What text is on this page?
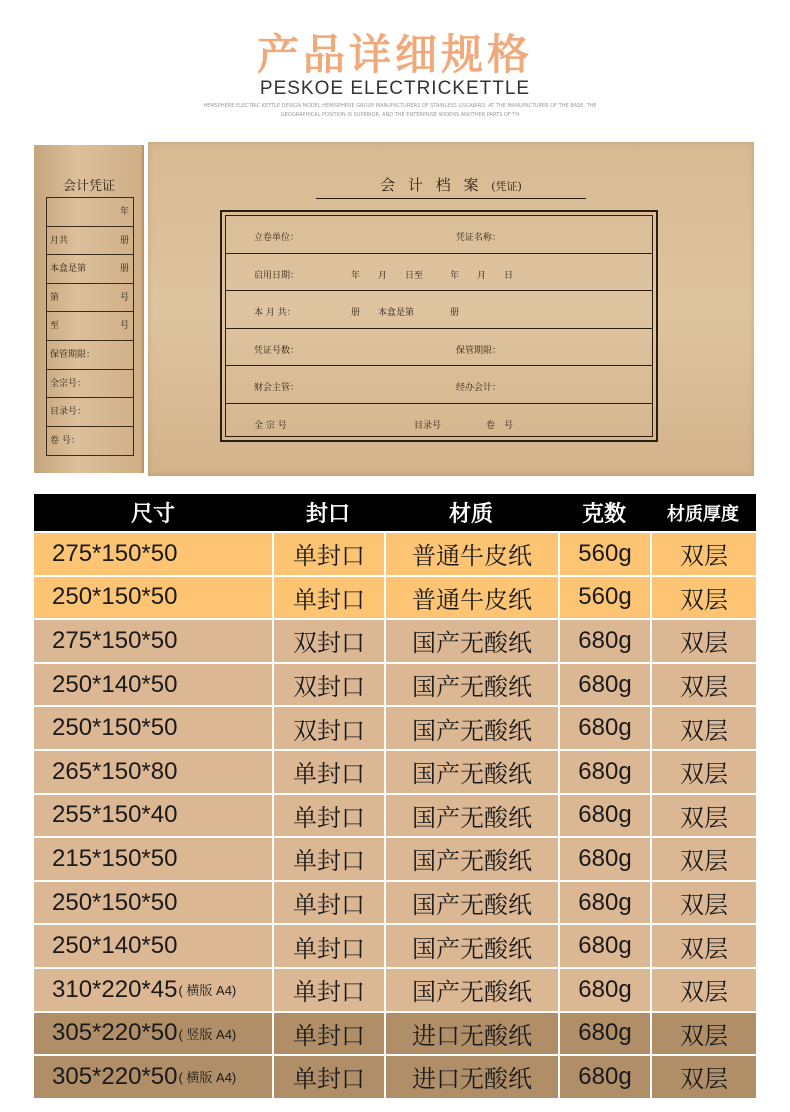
产品详细规格
PESKOE ELECTRICKETTLE
HEMSPHERE ELECTRIC KETTLE DESIGN MODEL HEMISPHERE GROUP MANUFACTURERS OF STAINLESS LISCABIRD, AT THE MANUFACTURER OF THE BASE, THE GEOGRAPHICAL POSITION IS SUPERIOR, AND THE ENTERPRISE WIDENS ANOTHER PARTS OF TH
会计凭证
年
月共	册
本盒是第	册
第	号
至	号
保管期限：
全宗号：
目录号：
卷 号：
会 计 档 案 (凭证)
立卷单位：	凭证名称：
启用日期：	年　　月　　日至　　　年　　月　　日
本 月 共：	册　　本盒是第　　　　册
凭证号数：	保管期限：
财会主管：	经办会计：
全 宗 号	目录号　　　　　卷　号
尺寸	封口	材质	克数	材质厚度
275*150*50	单封口	普通牛皮纸	560g	双层
250*150*50	单封口	普通牛皮纸	560g	双层
275*150*50	双封口	国产无酸纸	680g	双层
250*140*50	双封口	国产无酸纸	680g	双层
250*150*50	双封口	国产无酸纸	680g	双层
265*150*80	单封口	国产无酸纸	680g	双层
255*150*40	单封口	国产无酸纸	680g	双层
215*150*50	单封口	国产无酸纸	680g	双层
250*150*50	单封口	国产无酸纸	680g	双层
250*140*50	单封口	国产无酸纸	680g	双层
310*220*45 ( 横版 A4)	单封口	国产无酸纸	680g	双层
305*220*50 ( 竖版 A4)	单封口	进口无酸纸	680g	双层
305*220*50 ( 横版 A4)	单封口	进口无酸纸	680g	双层
